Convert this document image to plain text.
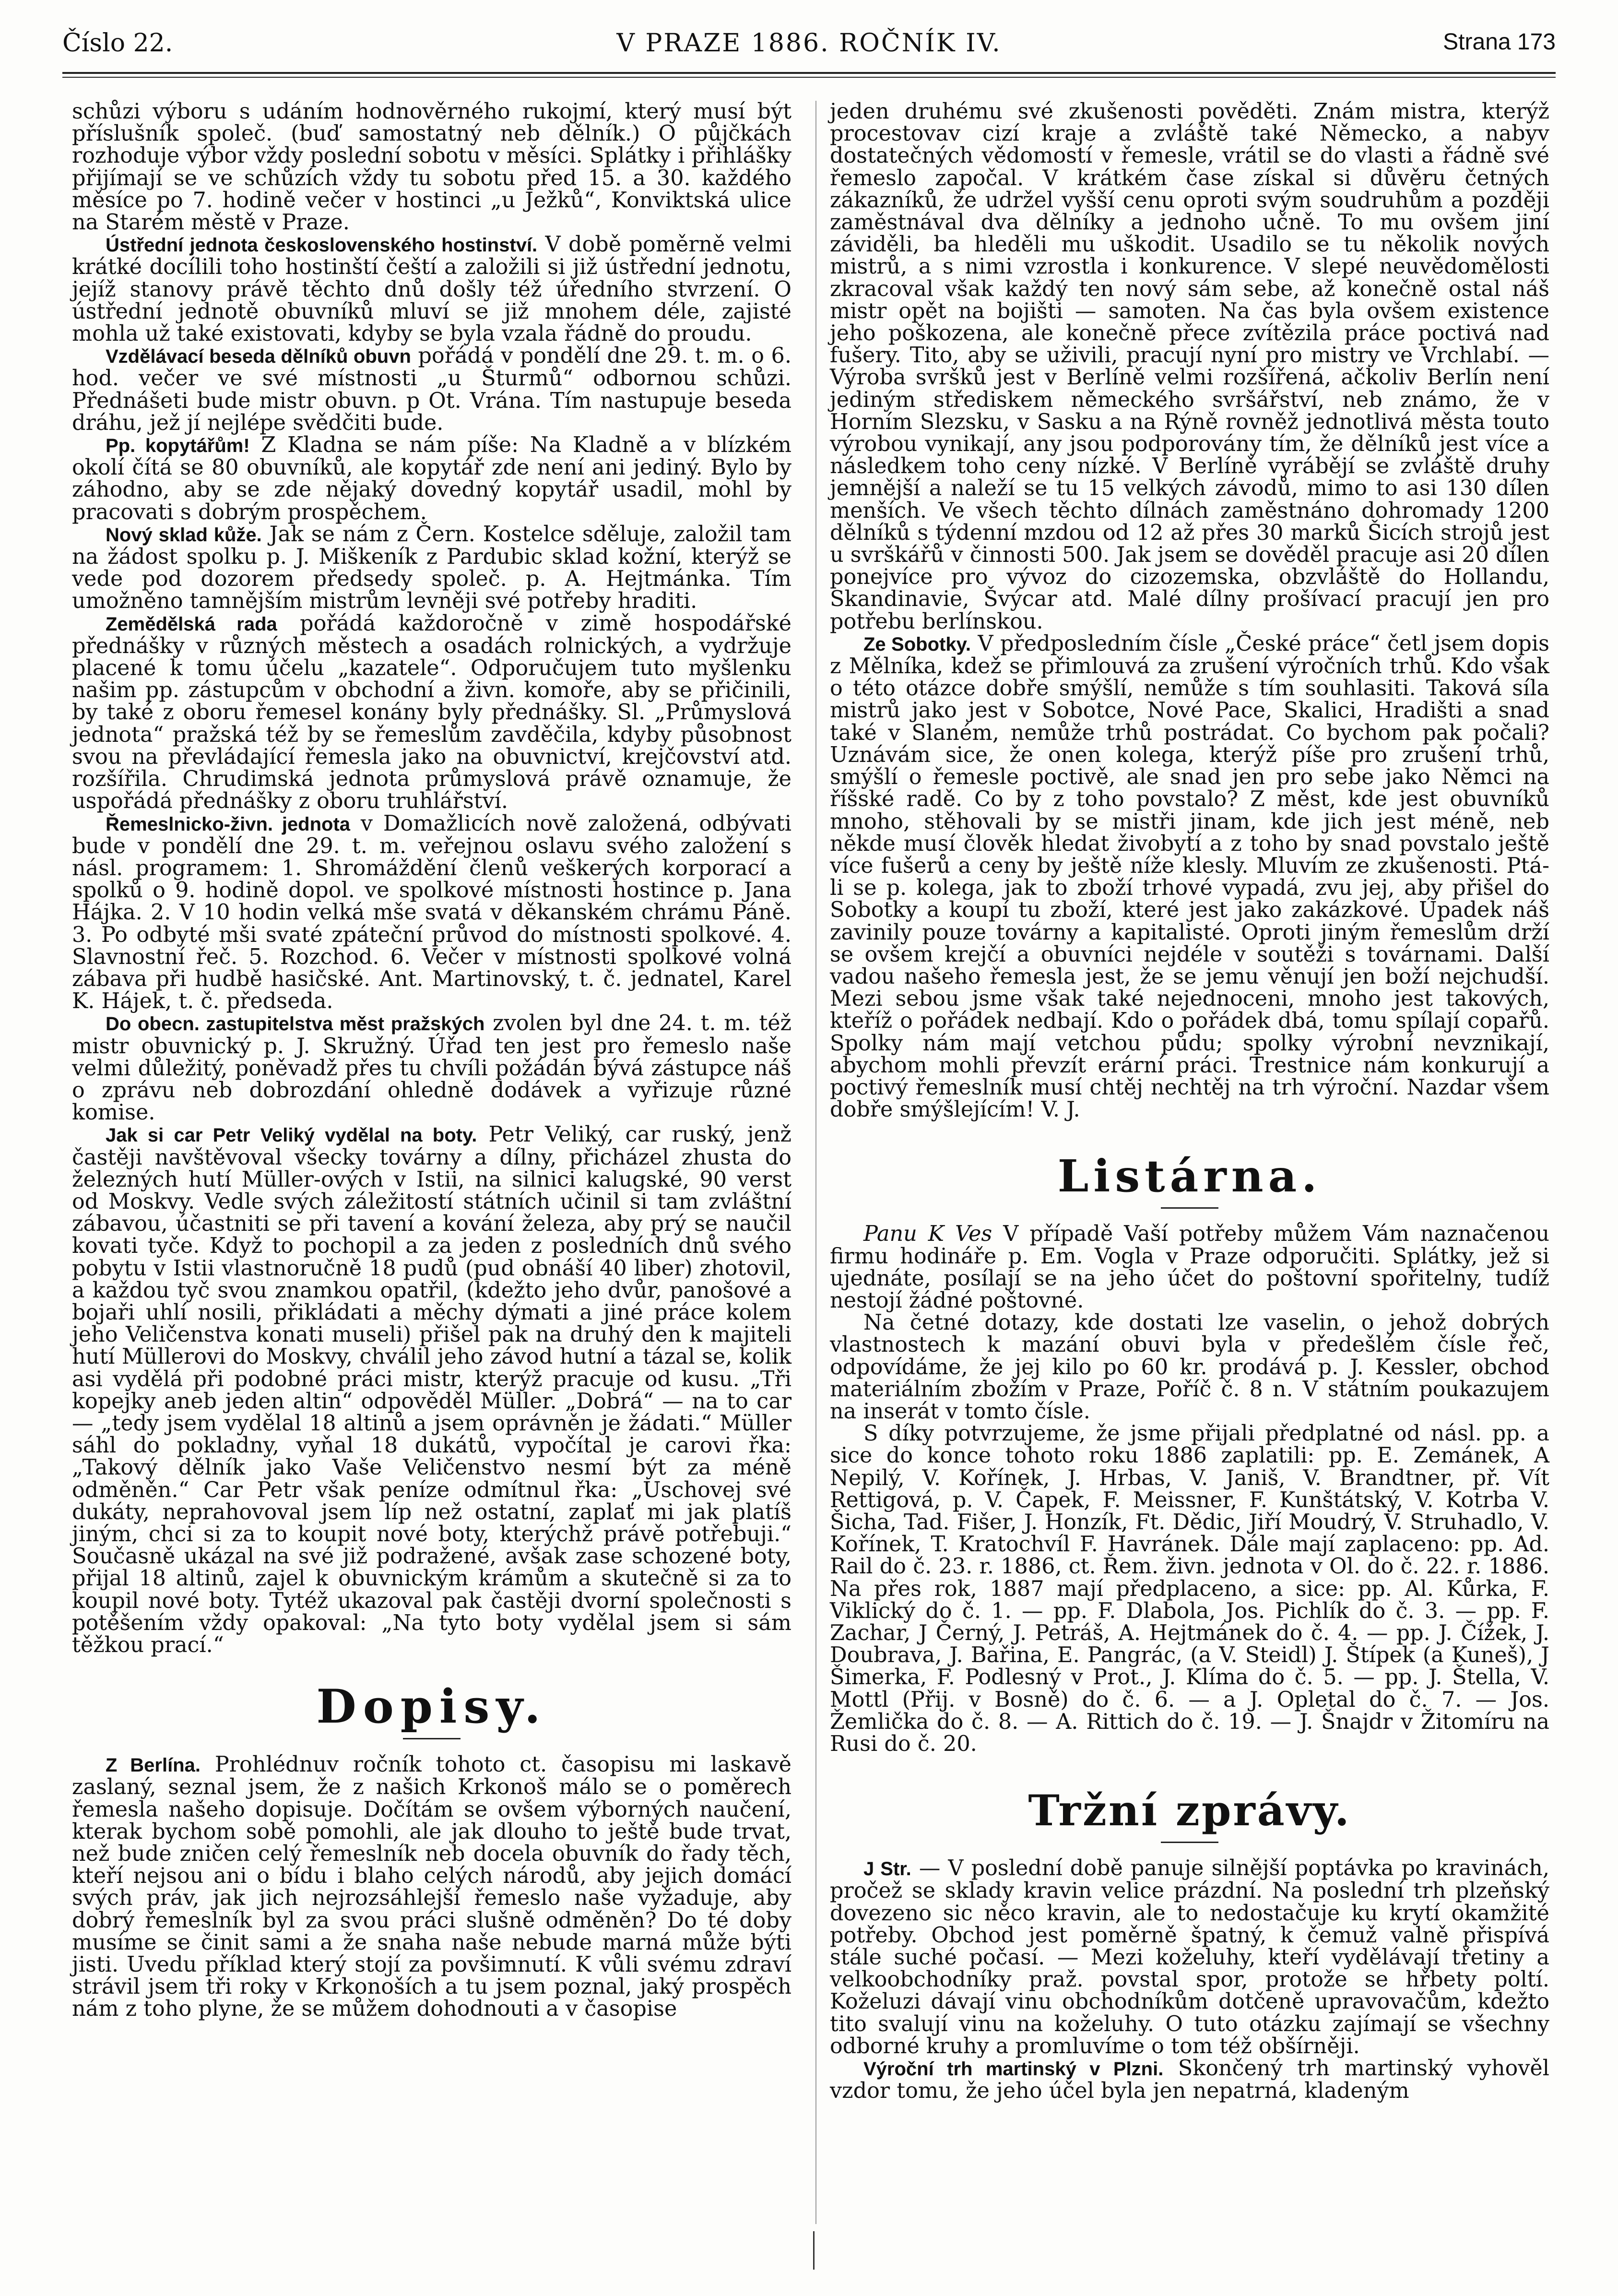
Číslo 22.	V PRAZE 1886. ROČNÍK IV.	Strana 173

schůzi výboru s udáním hodnověrného rukojmí, který musí být příslušník společ. (buď samostatný neb dělník.) O půjčkách rozhoduje výbor vždy poslední sobotu v měsíci. Splátky i přihlášky přijímají se ve schůzích vždy tu sobotu před 15. a 30. každého měsíce po 7. hodině večer v hostinci „u Ježků“, Konviktská ulice na Starém městě v Praze.

Ústřední jednota československého hostinství. V době poměrně velmi krátké docílili toho hostinští čeští a založili si již ústřední jednotu, jejíž stanovy právě těchto dnů došly též úředního stvrzení. O ústřední jednotě obuvníků mluví se již mnohem déle, zajisté mohla už také existovati, kdyby se byla vzala řádně do proudu.

Vzdělávací beseda dělníků obuvn pořádá v pondělí dne 29. t. m. o 6. hod. večer ve své místnosti „u Šturmů“ odbornou schůzi. Přednášeti bude mistr obuvn. p Ot. Vrána. Tím nastupuje beseda dráhu, jež jí nejlépe svědčiti bude.

Pp. kopytářům! Z Kladna se nám píše: Na Kladně a v blízkém okolí čítá se 80 obuvníků, ale kopytář zde není ani jediný. Bylo by záhodno, aby se zde nějaký dovedný kopytář usadil, mohl by pracovati s dobrým prospěchem.

Nový sklad kůže. Jak se nám z Čern. Kostelce sděluje, založil tam na žádost spolku p. J. Miškeník z Pardubic sklad kožní, kterýž se vede pod dozorem předsedy společ. p. A. Hejtmánka. Tím umožněno tamnějším mistrům levněji své potřeby hraditi.

Zemědělská rada pořádá každoročně v zimě hospodářské přednášky v různých městech a osadách rolnických, a vydržuje placené k tomu účelu „kazatele“. Odporučujem tuto myšlenku našim pp. zástupcům v obchodní a živn. komoře, aby se přičinili, by také z oboru řemesel konány byly přednášky. Sl. „Průmyslová jednota“ pražská též by se řemeslům zavděčila, kdyby působnost svou na převládající řemesla jako na obuvnictví, krejčovství atd. rozšířila. Chrudimská jednota průmyslová právě oznamuje, že uspořádá přednášky z oboru truhlářství.

Řemeslnicko-živn. jednota v Domažlicích nově založená, odbývati bude v pondělí dne 29. t. m. veřejnou oslavu svého založení s násl. programem: 1. Shromáždění členů veškerých korporací a spolků o 9. hodině dopol. ve spolkové místnosti hostince p. Jana Hájka. 2. V 10 hodin velká mše svatá v děkanském chrámu Páně. 3. Po odbyté mši svaté zpáteční průvod do místnosti spolkové. 4. Slavnostní řeč. 5. Rozchod. 6. Večer v místnosti spolkové volná zábava při hudbě hasičské. Ant. Martinovský, t. č. jednatel, Karel K. Hájek, t. č. předseda.

Do obecn. zastupitelstva měst pražských zvolen byl dne 24. t. m. též mistr obuvnický p. J. Skružný. Úřad ten jest pro řemeslo naše velmi důležitý, poněvadž přes tu chvíli požádán bývá zástupce náš o zprávu neb dobrozdání ohledně dodávek a vyřizuje různé komise.

Jak si car Petr Veliký vydělal na boty. Petr Veliký, car ruský, jenž častěji navštěvoval všecky továrny a dílny, přicházel zhusta do železných hutí Müller-ových v Istii, na silnici kalugské, 90 verst od Moskvy. Vedle svých záležitostí státních učinil si tam zvláštní zábavou, účastniti se při tavení a kování železa, aby prý se naučil kovati tyče. Když to pochopil a za jeden z posledních dnů svého pobytu v Istii vlastnoručně 18 pudů (pud obnáší 40 liber) zhotovil, a každou tyč svou znamkou opatřil, (kdežto jeho dvůr, panošové a bojaři uhlí nosili, přikládati a měchy dýmati a jiné práce kolem jeho Veličenstva konati museli) přišel pak na druhý den k majiteli hutí Müllerovi do Moskvy, chválil jeho závod hutní a tázal se, kolik asi vydělá při podobné práci mistr, kterýž pracuje od kusu. „Tři kopejky aneb jeden altin“ odpověděl Müller. „Dobrá“ — na to car — „tedy jsem vydělal 18 altinů a jsem oprávněn je žádati.“ Müller sáhl do pokladny, vyňal 18 dukátů, vypočítal je carovi řka: „Takový dělník jako Vaše Veličenstvo nesmí být za méně odměněn.“ Car Petr však peníze odmítnul řka: „Uschovej své dukáty, neprahovoval jsem líp než ostatní, zaplať mi jak platíš jiným, chci si za to koupit nové boty, kterýchž právě potřebuji.“ Současně ukázal na své již podražené, avšak zase schozené boty, přijal 18 altinů, zajel k obuvnickým krámům a skutečně si za to koupil nové boty. Tytéž ukazoval pak častěji dvorní společnosti s potěšením vždy opakoval: „Na tyto boty vydělal jsem si sám těžkou prací.“

Dopisy.

Z Berlína. Prohlédnuv ročník tohoto ct. časopisu mi laskavě zaslaný, seznal jsem, že z našich Krkonoš málo se o poměrech řemesla našeho dopisuje. Dočítám se ovšem výborných naučení, kterak bychom sobě pomohli, ale jak dlouho to ještě bude trvat, než bude zničen celý řemeslník neb docela obuvník do řady těch, kteří nejsou ani o bídu i blaho celých národů, aby jejich domácí svých práv, jak jich nejrozsáhlejší řemeslo naše vyžaduje, aby dobrý řemeslník byl za svou práci slušně odměněn? Do té doby musíme se činit sami a že snaha naše nebude marná může býti jisti. Uvedu příklad který stojí za povšimnutí. K vůli svému zdraví strávil jsem tři roky v Krkonoších a tu jsem poznal, jaký prospěch nám z toho plyne, že se můžem dohodnouti a v časopise

jeden druhému své zkušenosti pověděti. Znám mistra, kterýž procestovav cizí kraje a zvláště také Německo, a nabyv dostatečných vědomostí v řemesle, vrátil se do vlasti a řádně své řemeslo započal. V krátkém čase získal si důvěru četných zákazníků, že udržel vyšší cenu oproti svým soudruhům a později zaměstnával dva dělníky a jednoho učně. To mu ovšem jiní záviděli, ba hleděli mu uškodit. Usadilo se tu několik nových mistrů, a s nimi vzrostla i konkurence. V slepé neuvědomělosti zkracoval však každý ten nový sám sebe, až konečně ostal náš mistr opět na bojišti — samoten. Na čas byla ovšem existence jeho poškozena, ale konečně přece zvítězila práce poctivá nad fušery. Tito, aby se uživili, pracují nyní pro mistry ve Vrchlabí. — Výroba svršků jest v Berlíně velmi rozšířená, ačkoliv Berlín není jediným střediskem německého svršářství, neb známo, že v Horním Slezsku, v Sasku a na Rýně rovněž jednotlivá města touto výrobou vynikají, any jsou podporovány tím, že dělníků jest více a následkem toho ceny nízké. V Berlíně vyrábějí se zvláště druhy jemnější a naleží se tu 15 velkých závodů, mimo to asi 130 dílen menších. Ve všech těchto dílnách zaměstnáno dohromady 1200 dělníků s týdenní mzdou od 12 až přes 30 marků Šicích strojů jest u svrškářů v činnosti 500. Jak jsem se dověděl pracuje asi 20 dílen ponejvíce pro vývoz do cizozemska, obzvláště do Hollandu, Skandinavie, Švýcar atd. Malé dílny prošívací pracují jen pro potřebu berlínskou.

Ze Sobotky. V předposledním čísle „České práce“ četl jsem dopis z Mělníka, kdež se přimlouvá za zrušení výročních trhů. Kdo však o této otázce dobře smýšlí, nemůže s tím souhlasiti. Taková síla mistrů jako jest v Sobotce, Nové Pace, Skalici, Hradišti a snad také v Slaném, nemůže trhů postrádat. Co bychom pak počali? Uznávám sice, že onen kolega, kterýž píše pro zrušení trhů, smýšlí o řemesle poctivě, ale snad jen pro sebe jako Němci na říšské radě. Co by z toho povstalo? Z měst, kde jest obuvníků mnoho, stěhovali by se mistři jinam, kde jich jest méně, neb někde musí člověk hledat živobytí a z toho by snad povstalo ještě více fušerů a ceny by ještě níže klesly. Mluvím ze zkušenosti. Ptá-li se p. kolega, jak to zboží trhové vypadá, zvu jej, aby přišel do Sobotky a koupí tu zboží, které jest jako zakázkové. Úpadek náš zavinily pouze továrny a kapitalisté. Oproti jiným řemeslům drží se ovšem krejčí a obuvníci nejdéle v soutěži s továrnami. Další vadou našeho řemesla jest, že se jemu věnují jen boží nejchudší. Mezi sebou jsme však také nejednoceni, mnoho jest takových, kteříž o pořádek nedbají. Kdo o pořádek dbá, tomu spílají copařů. Spolky nám mají vetchou půdu; spolky výrobní nevznikají, abychom mohli převzít erární práci. Trestnice nám konkurují a poctivý řemeslník musí chtěj nechtěj na trh výroční. Nazdar všem dobře smýšlejícím! V. J.

Listárna.

Panu K Ves V případě Vaší potřeby můžem Vám naznačenou firmu hodináře p. Em. Vogla v Praze odporučiti. Splátky, jež si ujednáte, posílají se na jeho účet do poštovní spořitelny, tudíž nestojí žádné poštovné.

Na četné dotazy, kde dostati lze vaselin, o jehož dobrých vlastnostech k mazání obuvi byla v předešlém čísle řeč, odpovídáme, že jej kilo po 60 kr. prodává p. J. Kessler, obchod materiálním zbožím v Praze, Poříč č. 8 n. V státním poukazujem na inserát v tomto čísle.

S díky potvrzujeme, že jsme přijali předplatné od násl. pp. a sice do konce tohoto roku 1886 zaplatili: pp. E. Zemánek, A Nepilý, V. Kořínek, J. Hrbas, V. Janiš, V. Brandtner, př. Vít Rettigová, p. V. Čapek, F. Meissner, F. Kunštátský, V. Kotrba V. Šicha, Tad. Fišer, J. Honzík, Ft. Dědic, Jiří Moudrý, V. Struhadlo, V. Kořínek, T. Kratochvíl F. Havránek. Dále mají zaplaceno: pp. Ad. Rail do č. 23. r. 1886, ct. Řem. živn. jednota v Ol. do č. 22. r. 1886. Na přes rok, 1887 mají předplaceno, a sice: pp. Al. Kůrka, F. Viklický do č. 1. — pp. F. Dlabola, Jos. Pichlík do č. 3. — pp. F. Zachar, J Černý, J. Petráš, A. Hejtmánek do č. 4. — pp. J. Čížek, J. Doubrava, J. Bařina, E. Pangrác, (a V. Steidl) J. Štípek (a Kuneš), J Šimerka, F. Podlesný v Prot., J. Klíma do č. 5. — pp. J. Štella, V. Mottl (Přij. v Bosně) do č. 6. — a J. Opletal do č. 7. — Jos. Žemlička do č. 8. — A. Rittich do č. 19. — J. Šnajdr v Žitomíru na Rusi do č. 20.

Tržní zprávy.

J Str. — V poslední době panuje silnější poptávka po kravinách, pročež se sklady kravin velice prázdní. Na poslední trh plzeňský dovezeno sic něco kravin, ale to nedostačuje ku krytí okamžité potřeby. Obchod jest poměrně špatný, k čemuž valně přispívá stále suché počasí. — Mezi koželuhy, kteří vydělávají třetiny a velkoobchodníky praž. povstal spor, protože se hřbety poltí. Koželuzi dávají vinu obchodníkům dotčeně upravovačům, kdežto tito svalují vinu na koželuhy. O tuto otázku zajímají se všechny odborné kruhy a promluvíme o tom též obšírněji.

Výroční trh martinský v Plzni. Skončený trh martinský vyhověl vzdor tomu, že jeho účel byla jen nepatrná, kladeným
